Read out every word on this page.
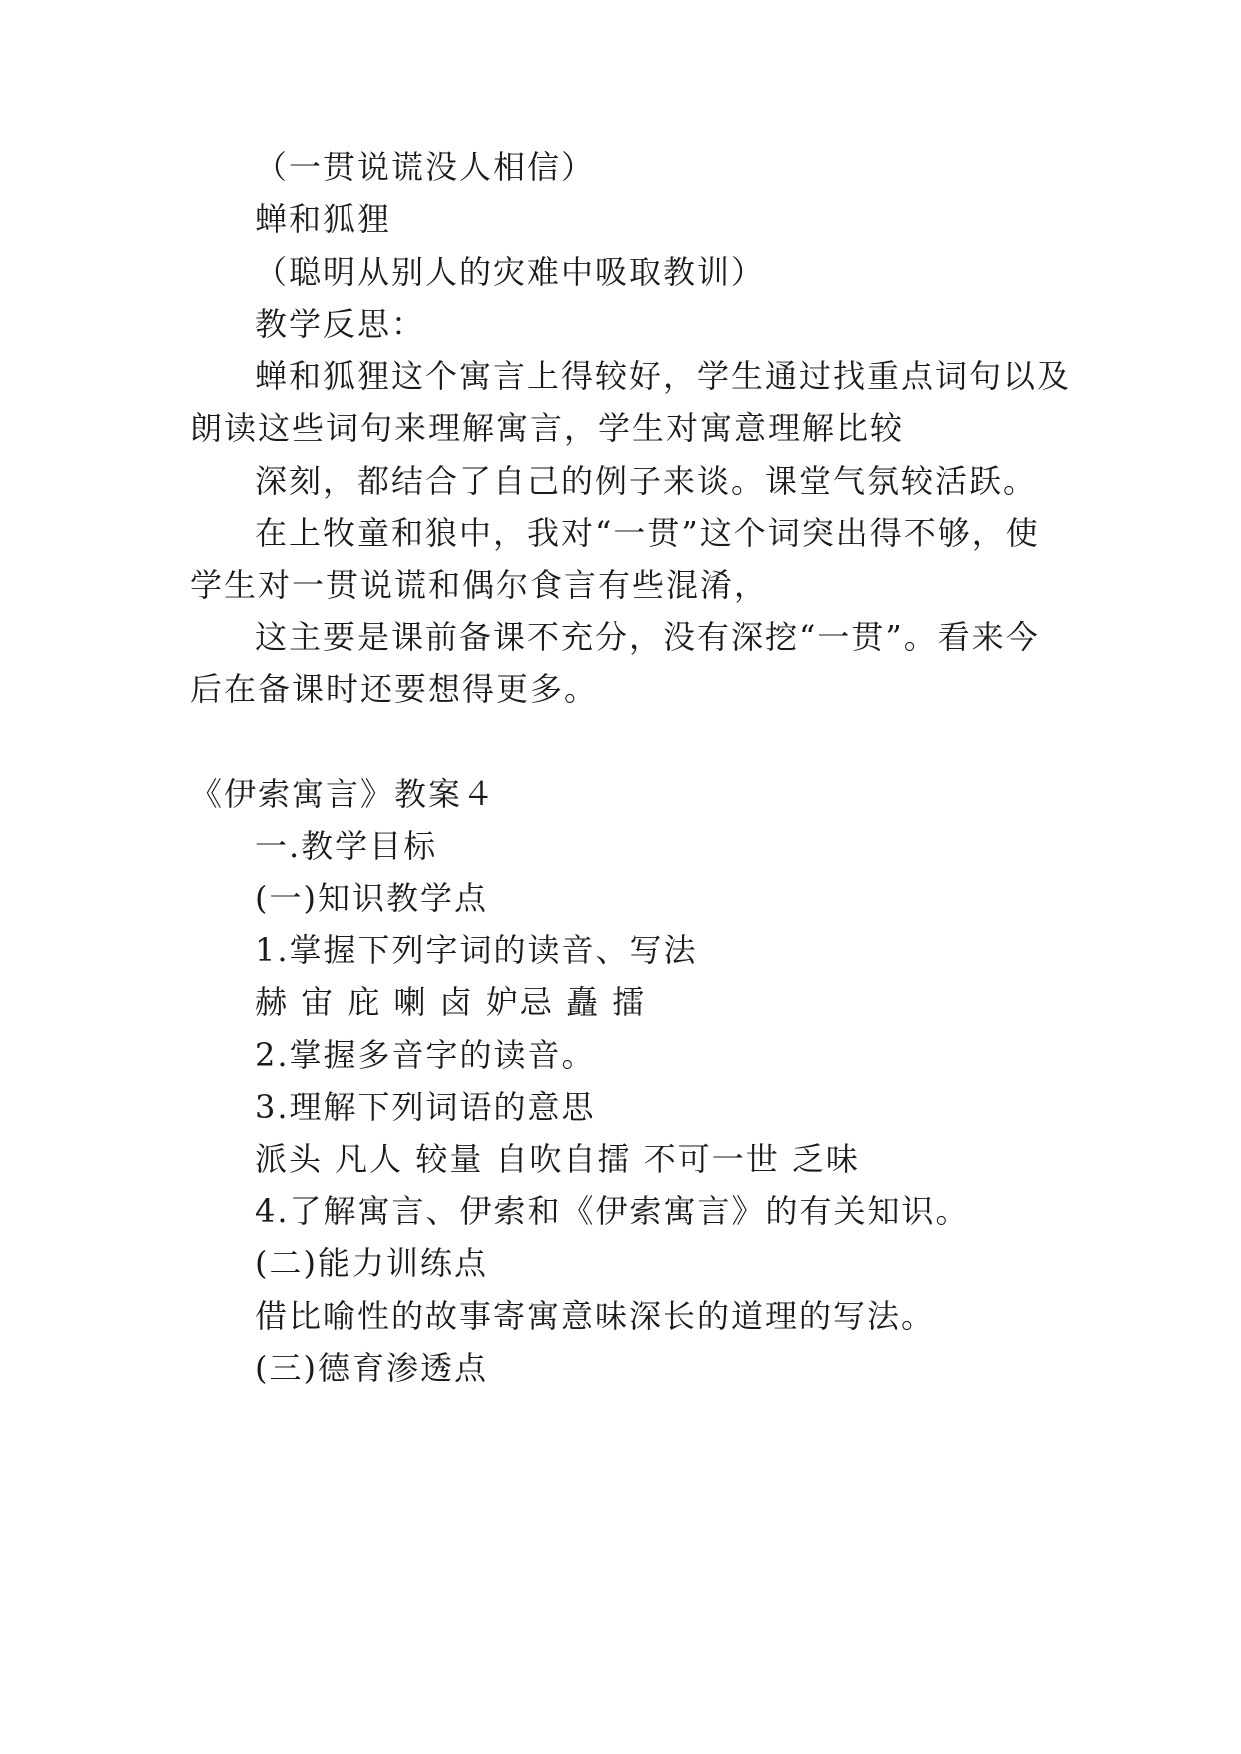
（一贯说谎没人相信）
蝉和狐狸
（聪明从别人的灾难中吸取教训）
教学反思：
蝉和狐狸这个寓言上得较好，学生通过找重点词句以及
朗读这些词句来理解寓言，学生对寓意理解比较
深刻，都结合了自己的例子来谈。课堂气氛较活跃。
在上牧童和狼中，我对“一贯”这个词突出得不够，使
学生对一贯说谎和偶尔食言有些混淆，
这主要是课前备课不充分，没有深挖“一贯”。看来今
后在备课时还要想得更多。
《伊索寓言》教案４
一.教学目标
(一)知识教学点
1.掌握下列字词的读音、写法
赫 宙 庇 喇 卤 妒忌 矗 擂
2.掌握多音字的读音。
3.理解下列词语的意思
派头 凡人 较量 自吹自擂 不可一世 乏味
4.了解寓言、伊索和《伊索寓言》的有关知识。
(二)能力训练点
借比喻性的故事寄寓意味深长的道理的写法。
(三)德育渗透点
